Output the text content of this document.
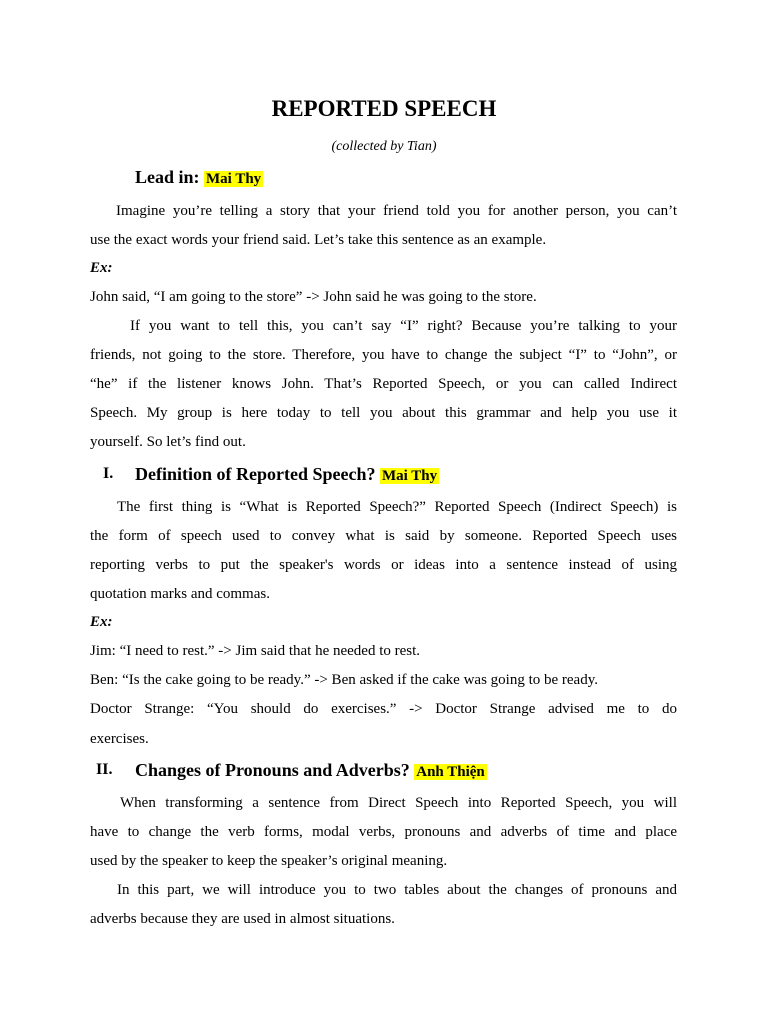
REPORTED SPEECH
(collected by Tian)
Lead in: Mai Thy
Imagine you’re telling a story that your friend told you for another person, you can’t
use the exact words your friend said. Let’s take this sentence as an example.
Ex:
John said, “I am going to the store” -> John said he was going to the store.
If you want to tell this, you can’t say “I” right? Because you’re talking to your
friends, not going to the store. Therefore, you have to change the subject “I” to “John”, or
“he” if the listener knows John. That’s Reported Speech, or you can called Indirect
Speech. My group is here today to tell you about this grammar and help you use it
yourself. So let’s find out.
I. Definition of Reported Speech? Mai Thy
The first thing is “What is Reported Speech?” Reported Speech (Indirect Speech) is
the form of speech used to convey what is said by someone. Reported Speech uses
reporting verbs to put the speaker's words or ideas into a sentence instead of using
quotation marks and commas.
Ex:
Jim: “I need to rest.” -> Jim said that he needed to rest.
Ben: “Is the cake going to be ready.” -> Ben asked if the cake was going to be ready.
Doctor Strange: “You should do exercises.” -> Doctor Strange advised me to do
exercises.
II. Changes of Pronouns and Adverbs? Anh Thiện
When transforming a sentence from Direct Speech into Reported Speech, you will
have to change the verb forms, modal verbs, pronouns and adverbs of time and place
used by the speaker to keep the speaker’s original meaning.
In this part, we will introduce you to two tables about the changes of pronouns and
adverbs because they are used in almost situations.
